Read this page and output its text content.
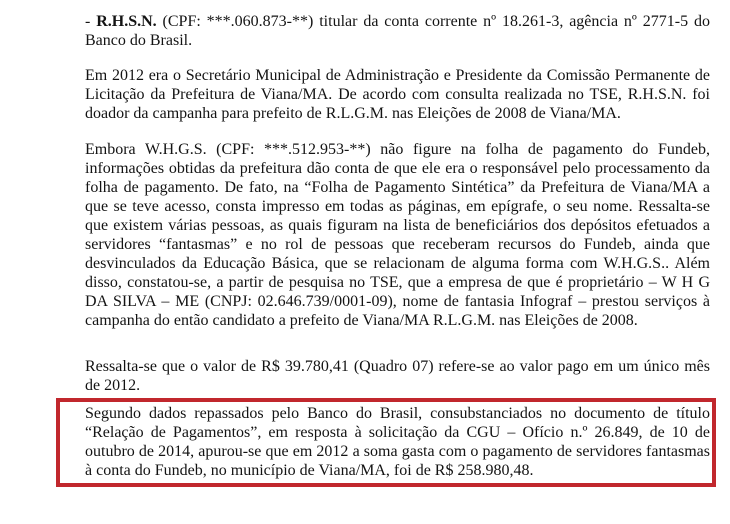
- R.H.S.N. (CPF: ***.060.873-**) titular da conta corrente nº 18.261-3, agência nº 2771-5 do Banco do Brasil.

Em 2012 era o Secretário Municipal de Administração e Presidente da Comissão Permanente de Licitação da Prefeitura de Viana/MA. De acordo com consulta realizada no TSE, R.H.S.N. foi doador da campanha para prefeito de R.L.G.M. nas Eleições de 2008 de Viana/MA.

Embora W.H.G.S. (CPF: ***.512.953-**) não figure na folha de pagamento do Fundeb, informações obtidas da prefeitura dão conta de que ele era o responsável pelo processamento da folha de pagamento. De fato, na “Folha de Pagamento Sintética” da Prefeitura de Viana/MA a que se teve acesso, consta impresso em todas as páginas, em epígrafe, o seu nome. Ressalta-se que existem várias pessoas, as quais figuram na lista de beneficiários dos depósitos efetuados a servidores “fantasmas” e no rol de pessoas que receberam recursos do Fundeb, ainda que desvinculados da Educação Básica, que se relacionam de alguma forma com W.H.G.S.. Além disso, constatou-se, a partir de pesquisa no TSE, que a empresa de que é proprietário – W H G DA SILVA – ME (CNPJ: 02.646.739/0001-09), nome de fantasia Infograf – prestou serviços à campanha do então candidato a prefeito de Viana/MA R.L.G.M. nas Eleições de 2008.

Ressalta-se que o valor de R$ 39.780,41 (Quadro 07) refere-se ao valor pago em um único mês de 2012.

Segundo dados repassados pelo Banco do Brasil, consubstanciados no documento de título “Relação de Pagamentos”, em resposta à solicitação da CGU – Ofício n.º 26.849, de 10 de outubro de 2014, apurou-se que em 2012 a soma gasta com o pagamento de servidores fantasmas à conta do Fundeb, no município de Viana/MA, foi de R$ 258.980,48.
